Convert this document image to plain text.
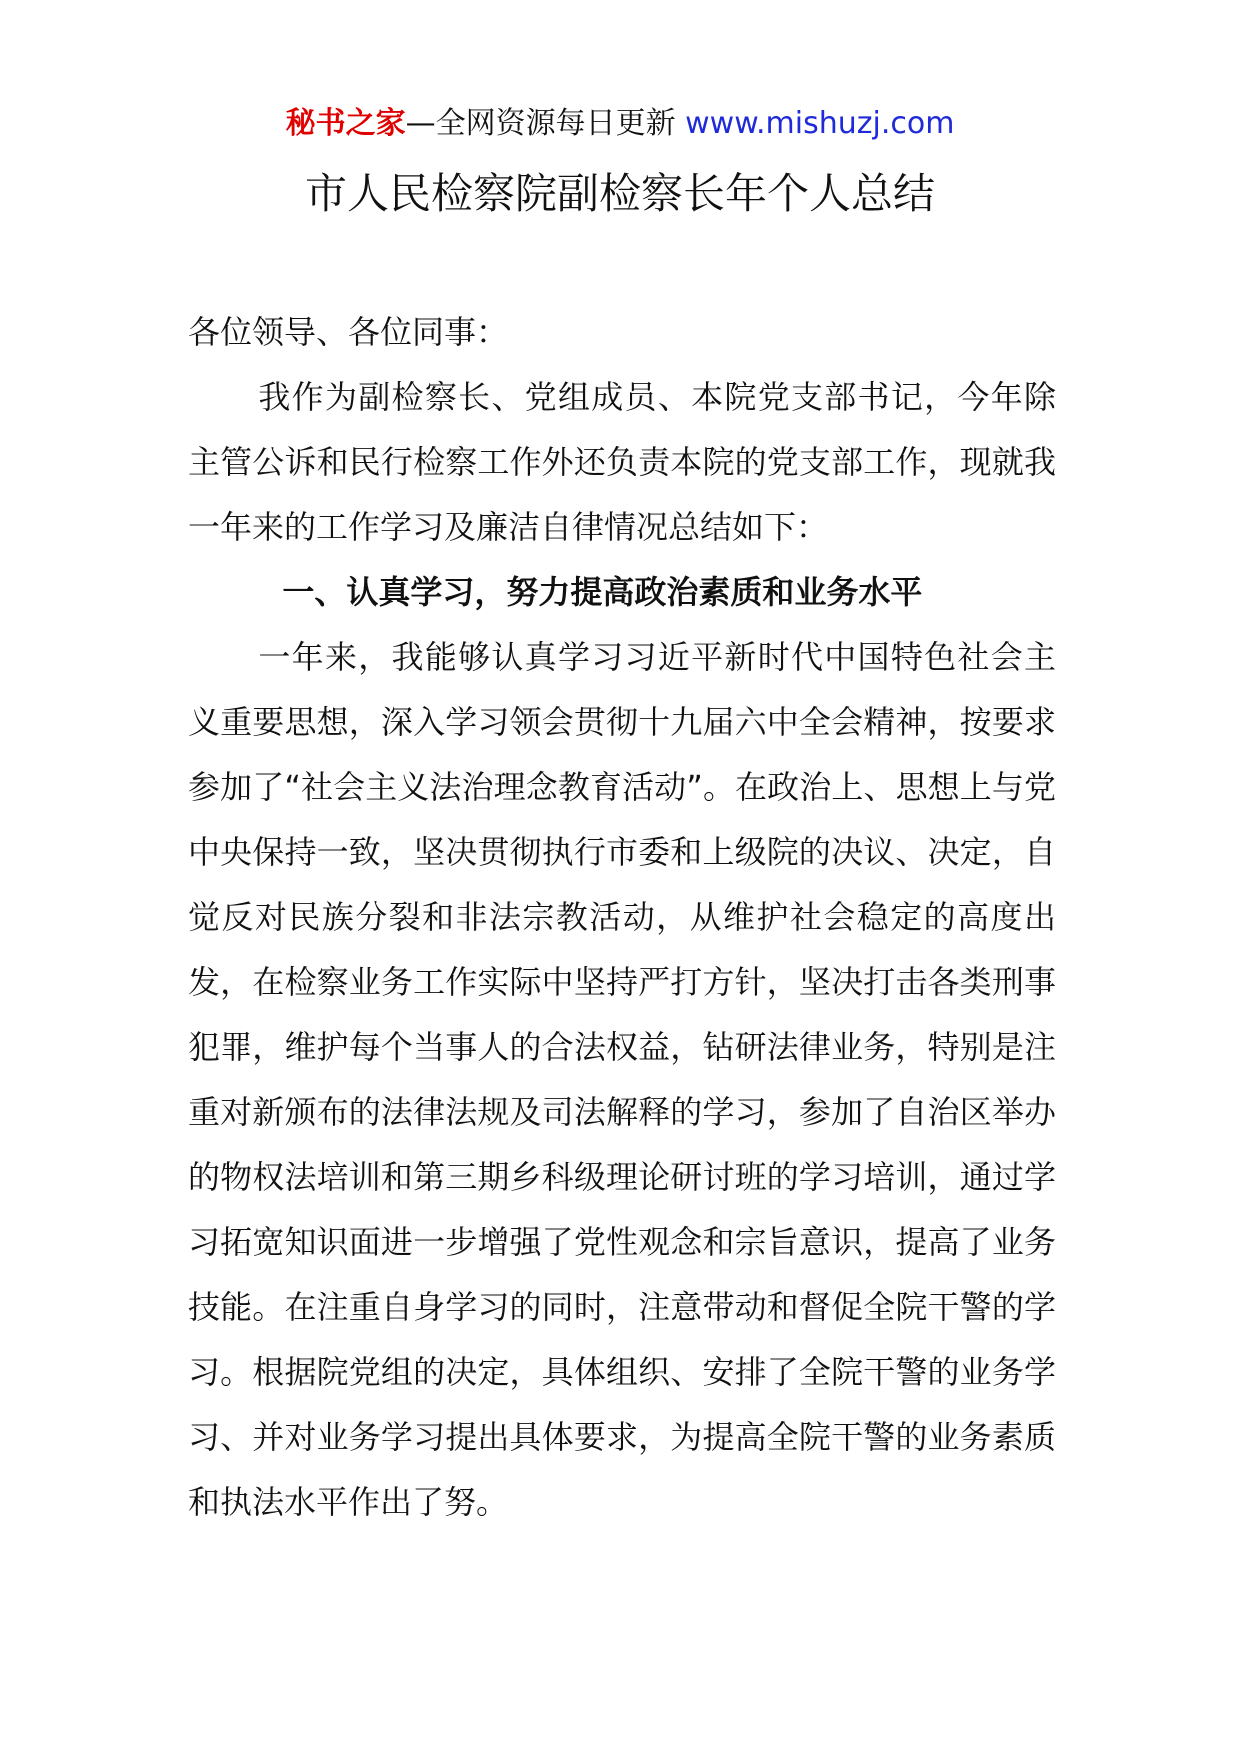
秘书之家—全网资源每日更新 www.mishuzj.com
市人民检察院副检察长年个人总结

各位领导、各位同事：

我作为副检察长、党组成员、本院党支部书记，今年除主管公诉和民行检察工作外还负责本院的党支部工作，现就我一年来的工作学习及廉洁自律情况总结如下：

一、认真学习，努力提高政治素质和业务水平

一年来，我能够认真学习习近平新时代中国特色社会主义重要思想，深入学习领会贯彻十九届六中全会精神，按要求参加了“社会主义法治理念教育活动”。在政治上、思想上与党中央保持一致，坚决贯彻执行市委和上级院的决议、决定，自觉反对民族分裂和非法宗教活动，从维护社会稳定的高度出发，在检察业务工作实际中坚持严打方针，坚决打击各类刑事犯罪，维护每个当事人的合法权益，钻研法律业务，特别是注重对新颁布的法律法规及司法解释的学习，参加了自治区举办的物权法培训和第三期乡科级理论研讨班的学习培训，通过学习拓宽知识面进一步增强了党性观念和宗旨意识，提高了业务技能。在注重自身学习的同时，注意带动和督促全院干警的学习。根据院党组的决定，具体组织、安排了全院干警的业务学习、并对业务学习提出具体要求，为提高全院干警的业务素质和执法水平作出了努。
